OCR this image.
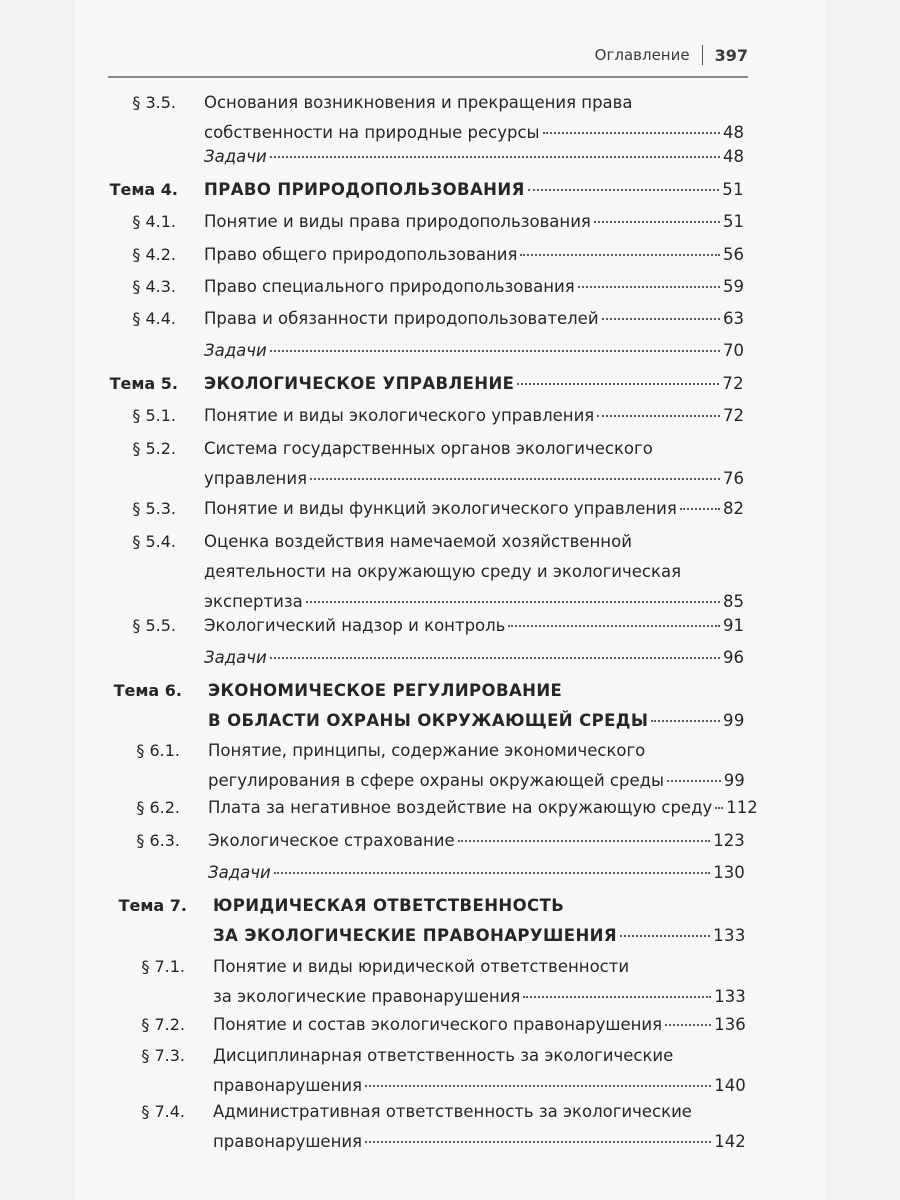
Оглавление 397
§ 3.5. Основания возникновения и прекращения права
собственности на природные ресурсы	48
Задачи	48
Тема 4. ПРАВО ПРИРОДОПОЛЬЗОВАНИЯ	51
§ 4.1. Понятие и виды права природопользования	51
§ 4.2. Право общего природопользования	56
§ 4.3. Право специального природопользования	59
§ 4.4. Права и обязанности природопользователей	63
Задачи	70
Тема 5. ЭКОЛОГИЧЕСКОЕ УПРАВЛЕНИЕ	72
§ 5.1. Понятие и виды экологического управления	72
§ 5.2. Система государственных органов экологического
управления	76
§ 5.3. Понятие и виды функций экологического управления	82
§ 5.4. Оценка воздействия намечаемой хозяйственной
деятельности на окружающую среду и экологическая
экспертиза	85
§ 5.5. Экологический надзор и контроль	91
Задачи	96
Тема 6. ЭКОНОМИЧЕСКОЕ РЕГУЛИРОВАНИЕ
В ОБЛАСТИ ОХРАНЫ ОКРУЖАЮЩЕЙ СРЕДЫ	99
§ 6.1. Понятие, принципы, содержание экономического
регулирования в сфере охраны окружающей среды	99
§ 6.2. Плата за негативное воздействие на окружающую среду 112
§ 6.3. Экологическое страхование	123
Задачи	130
Тема 7. ЮРИДИЧЕСКАЯ ОТВЕТСТВЕННОСТЬ
ЗА ЭКОЛОГИЧЕСКИЕ ПРАВОНАРУШЕНИЯ	133
§ 7.1. Понятие и виды юридической ответственности
за экологические правонарушения	133
§ 7.2. Понятие и состав экологического правонарушения	136
§ 7.3. Дисциплинарная ответственность за экологические
правонарушения	140
§ 7.4. Административная ответственность за экологические
правонарушения	142
